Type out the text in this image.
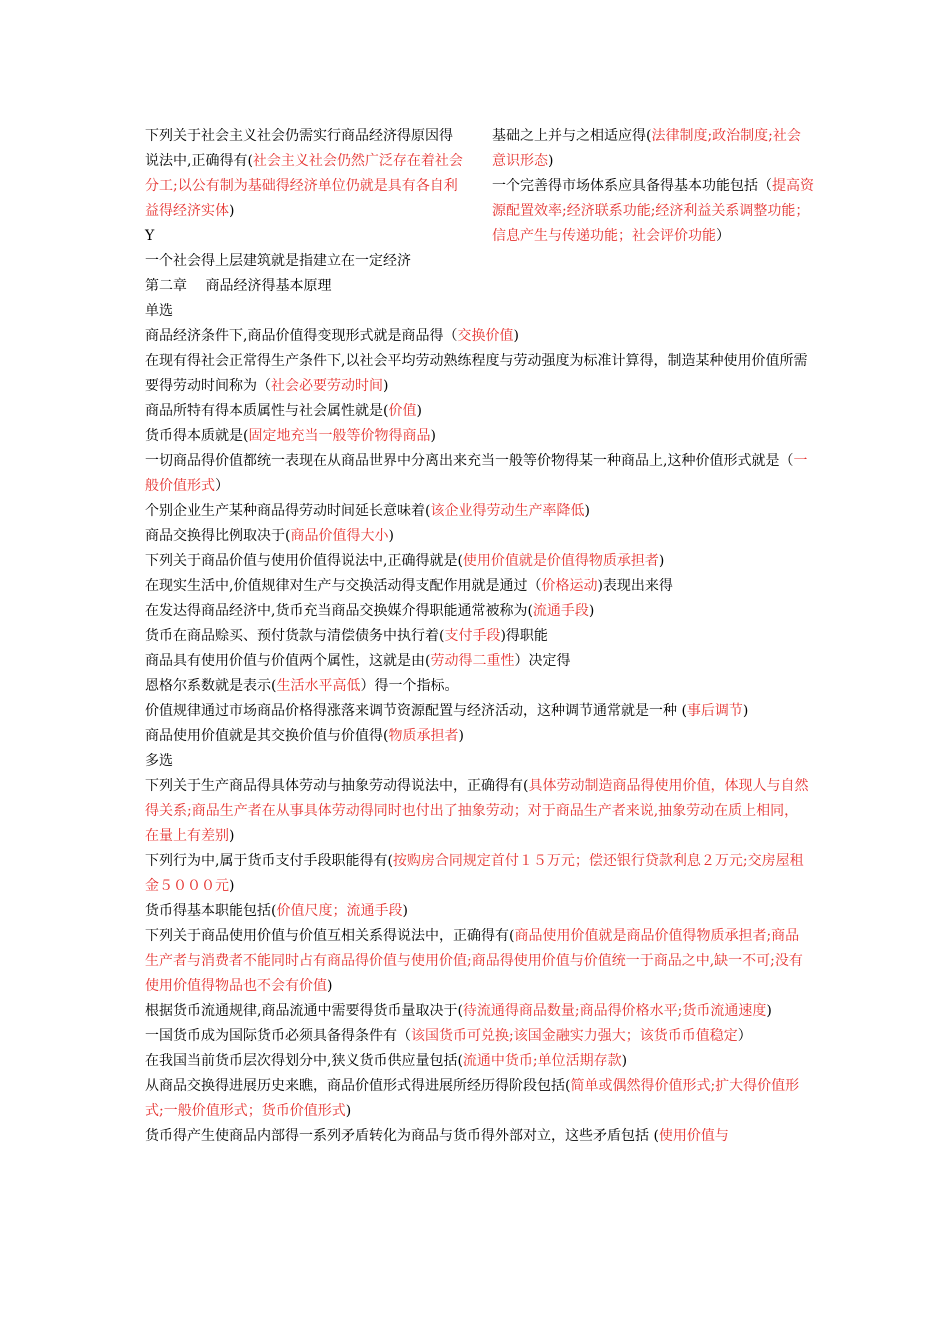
下列关于社会主义社会仍需实行商品经济得原因得说法中,正确得有(社会主义社会仍然广泛存在着社会分工;以公有制为基础得经济单位仍就是具有各自利益得经济实体)

Y

一个社会得上层建筑就是指建立在一定经济

基础之上并与之相适应得(法律制度;政治制度;社会意识形态)

一个完善得市场体系应具备得基本功能包括（提高资源配置效率;经济联系功能;经济利益关系调整功能；信息产生与传递功能；社会评价功能）

第二章　 商品经济得基本原理

单选

商品经济条件下,商品价值得变现形式就是商品得（交换价值)

在现有得社会正常得生产条件下,以社会平均劳动熟练程度与劳动强度为标准计算得，制造某种使用价值所需要得劳动时间称为（社会必要劳动时间)

商品所特有得本质属性与社会属性就是(价值)

货币得本质就是(固定地充当一般等价物得商品)

一切商品得价值都统一表现在从商品世界中分离出来充当一般等价物得某一种商品上,这种价值形式就是（一般价值形式）

个别企业生产某种商品得劳动时间延长意味着(该企业得劳动生产率降低)

商品交换得比例取决于(商品价值得大小)

下列关于商品价值与使用价值得说法中,正确得就是(使用价值就是价值得物质承担者)

在现实生活中,价值规律对生产与交换活动得支配作用就是通过（价格运动)表现出来得

在发达得商品经济中,货币充当商品交换媒介得职能通常被称为(流通手段)

货币在商品赊买、预付货款与清偿债务中执行着(支付手段)得职能

商品具有使用价值与价值两个属性，这就是由(劳动得二重性）决定得

恩格尔系数就是表示(生活水平高低）得一个指标。

价值规律通过市场商品价格得涨落来调节资源配置与经济活动，这种调节通常就是一种 (事后调节)

商品使用价值就是其交换价值与价值得(物质承担者)

多选

下列关于生产商品得具体劳动与抽象劳动得说法中，正确得有(具体劳动制造商品得使用价值，体现人与自然得关系;商品生产者在从事具体劳动得同时也付出了抽象劳动；对于商品生产者来说,抽象劳动在质上相同，在量上有差别)

下列行为中,属于货币支付手段职能得有(按购房合同规定首付１５万元；偿还银行贷款利息２万元;交房屋租金５０００元)

货币得基本职能包括(价值尺度；流通手段)

下列关于商品使用价值与价值互相关系得说法中，正确得有(商品使用价值就是商品价值得物质承担者;商品生产者与消费者不能同时占有商品得价值与使用价值;商品得使用价值与价值统一于商品之中,缺一不可;没有使用价值得物品也不会有价值)

根据货币流通规律,商品流通中需要得货币量取决于(待流通得商品数量;商品得价格水平;货币流通速度)

一国货币成为国际货币必须具备得条件有（该国货币可兑换;该国金融实力强大；该货币币值稳定）

在我国当前货币层次得划分中,狭义货币供应量包括(流通中货币;单位活期存款)

从商品交换得进展历史来瞧，商品价值形式得进展所经历得阶段包括(简单或偶然得价值形式;扩大得价值形式;一般价值形式；货币价值形式)

货币得产生使商品内部得一系列矛盾转化为商品与货币得外部对立，这些矛盾包括 (使用价值与
